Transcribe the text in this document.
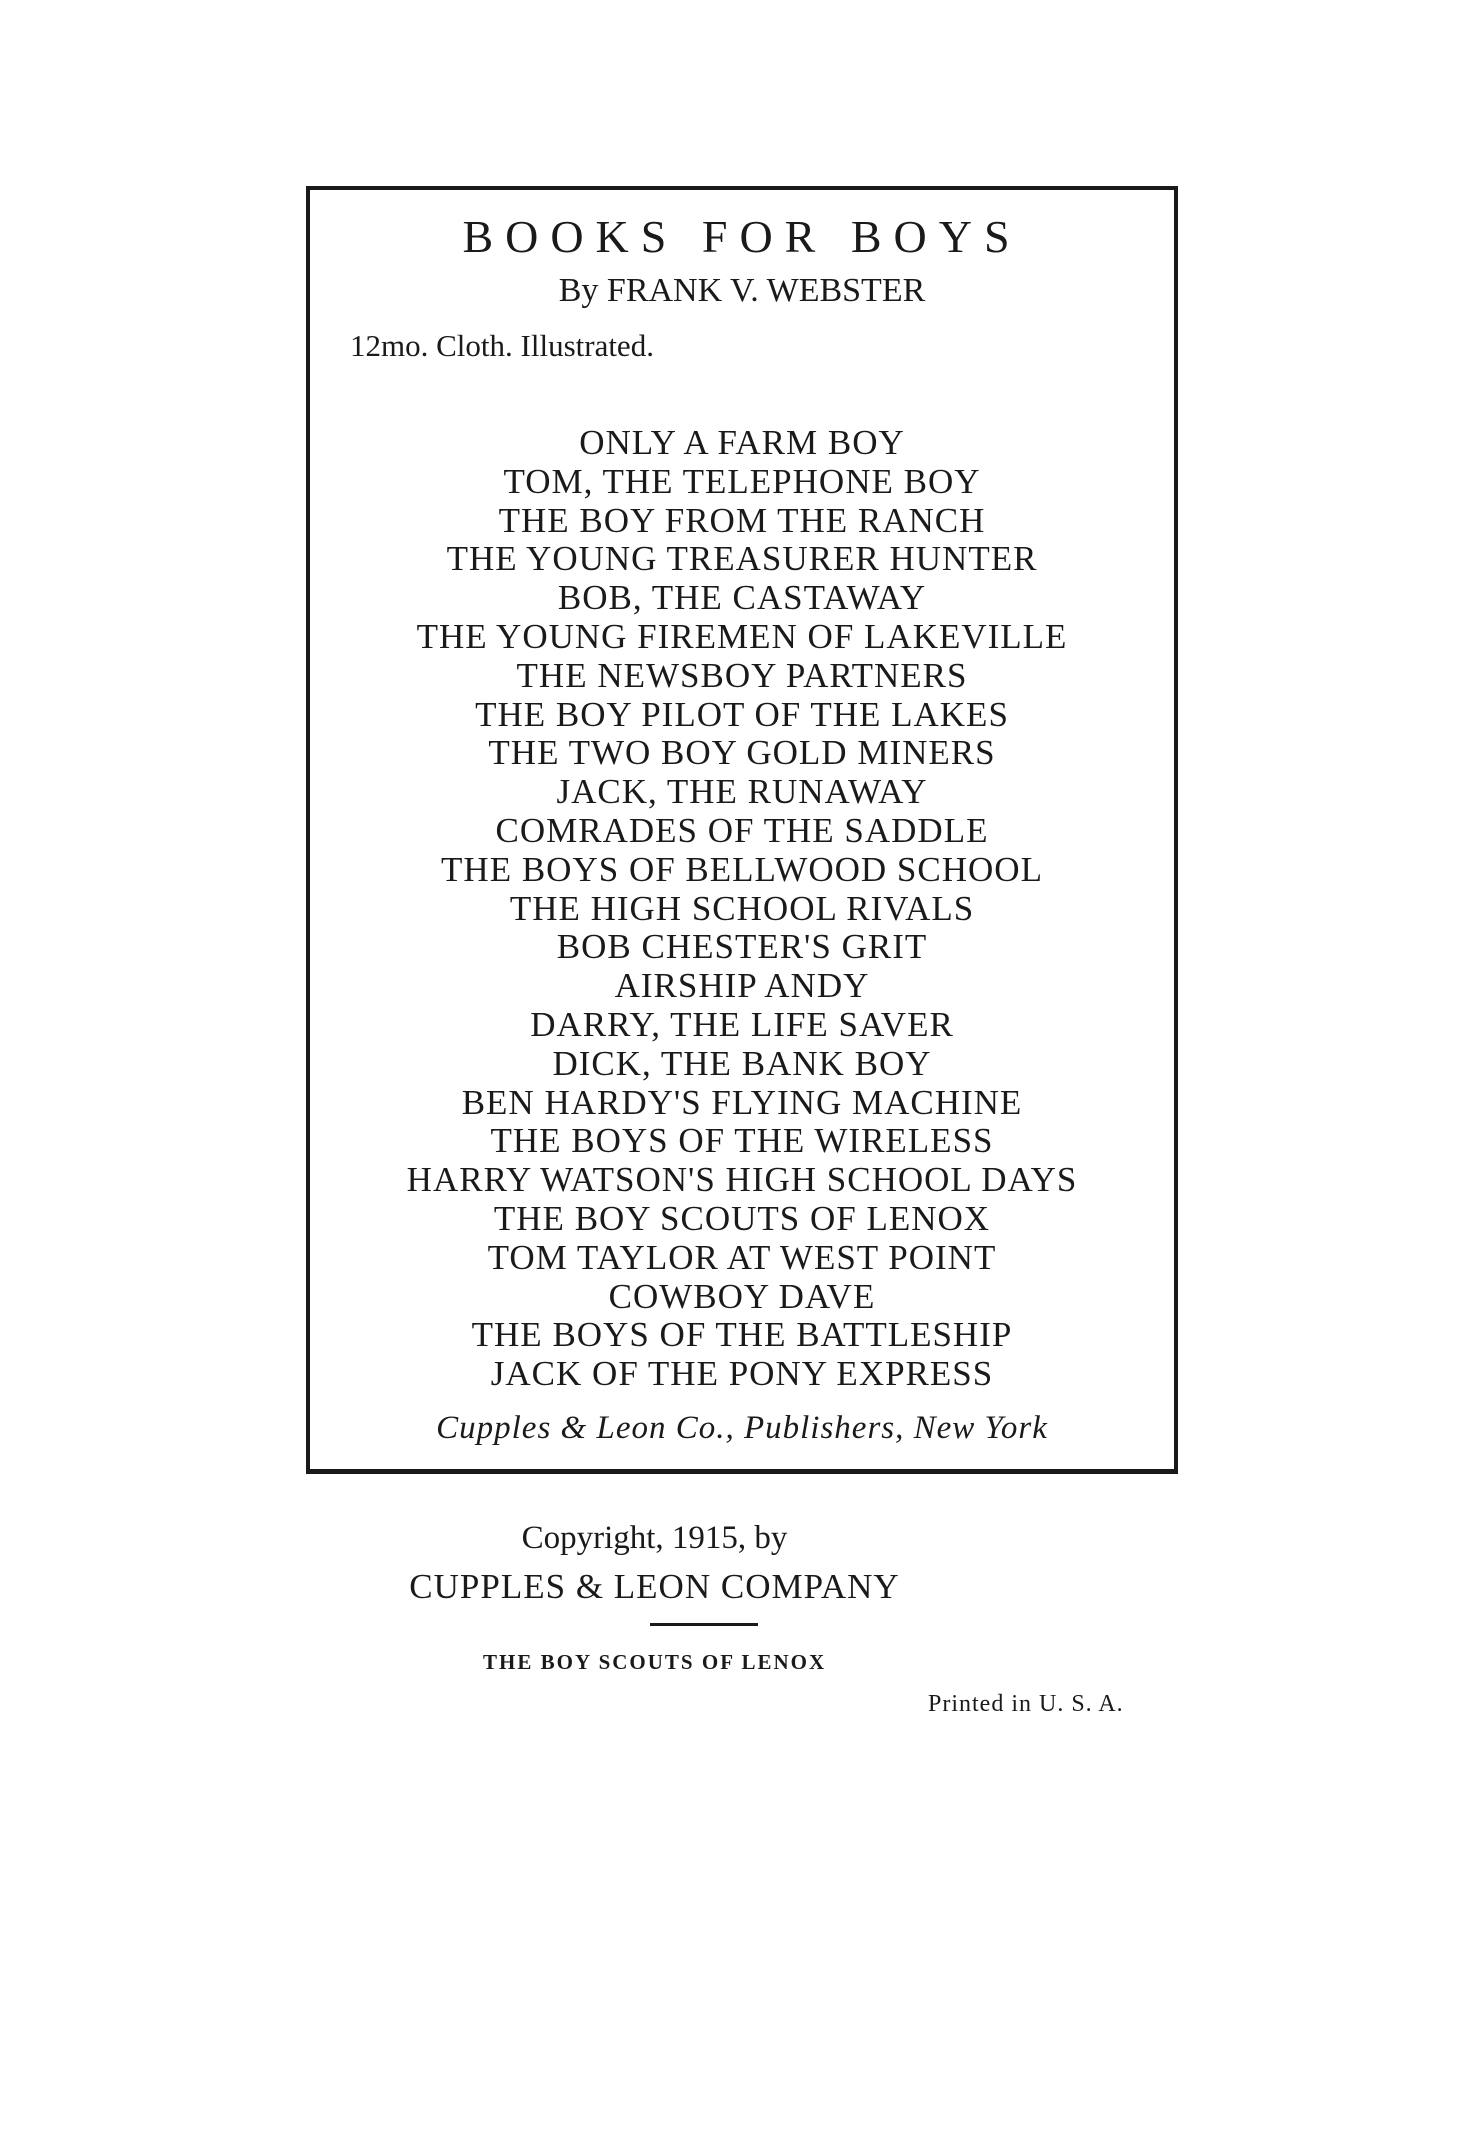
BOOKS FOR BOYS
By FRANK V. WEBSTER
12mo. Cloth. Illustrated.
ONLY A FARM BOY
TOM, THE TELEPHONE BOY
THE BOY FROM THE RANCH
THE YOUNG TREASURER HUNTER
BOB, THE CASTAWAY
THE YOUNG FIREMEN OF LAKEVILLE
THE NEWSBOY PARTNERS
THE BOY PILOT OF THE LAKES
THE TWO BOY GOLD MINERS
JACK, THE RUNAWAY
COMRADES OF THE SADDLE
THE BOYS OF BELLWOOD SCHOOL
THE HIGH SCHOOL RIVALS
BOB CHESTER'S GRIT
AIRSHIP ANDY
DARRY, THE LIFE SAVER
DICK, THE BANK BOY
BEN HARDY'S FLYING MACHINE
THE BOYS OF THE WIRELESS
HARRY WATSON'S HIGH SCHOOL DAYS
THE BOY SCOUTS OF LENOX
TOM TAYLOR AT WEST POINT
COWBOY DAVE
THE BOYS OF THE BATTLESHIP
JACK OF THE PONY EXPRESS
Cupples & Leon Co., Publishers, New York
Copyright, 1915, by
CUPPLES & LEON COMPANY
THE BOY SCOUTS OF LENOX
Printed in U. S. A.
